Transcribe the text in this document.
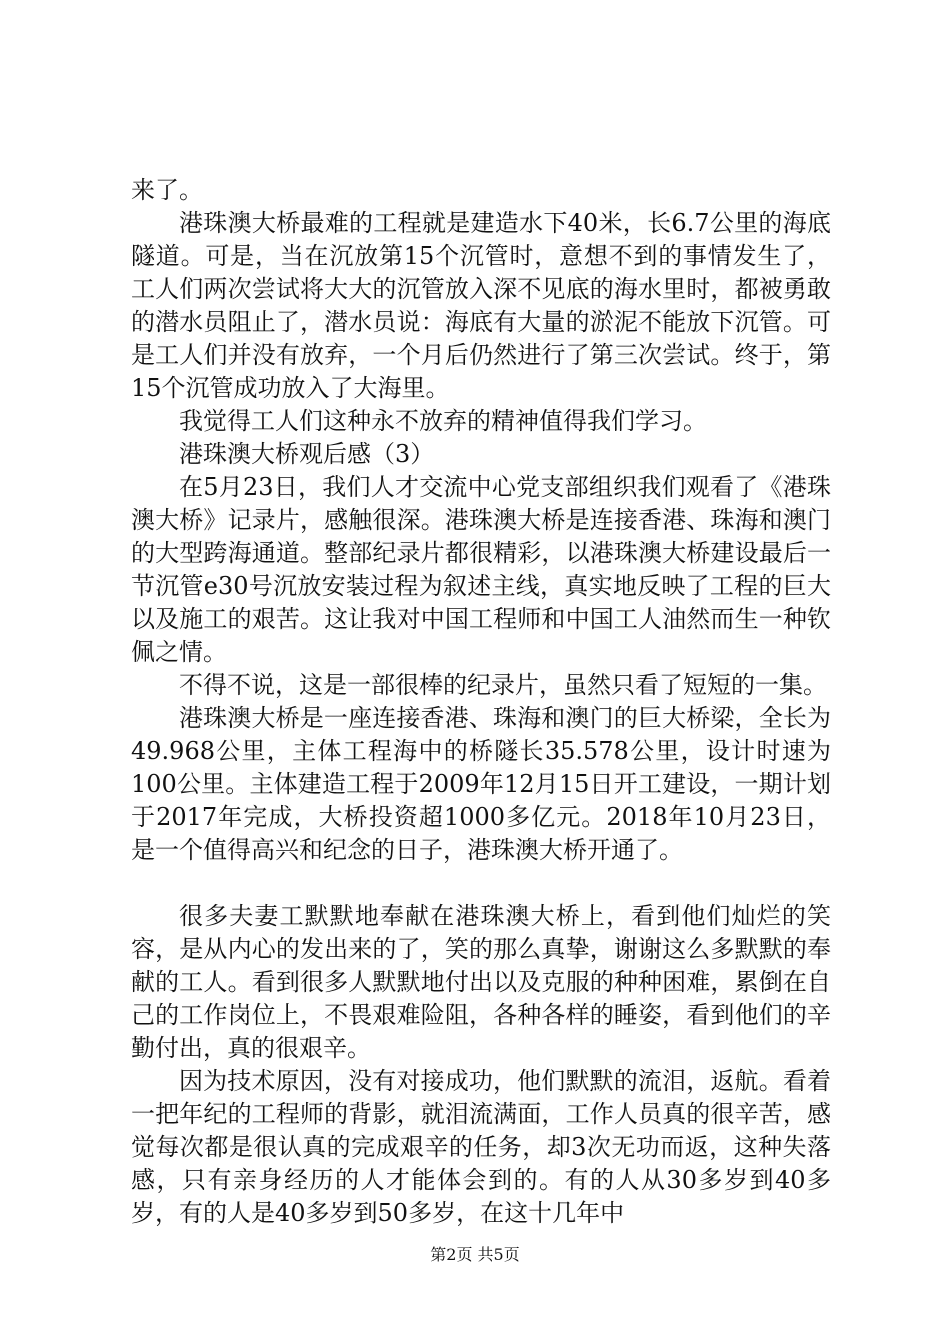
来了。

港珠澳大桥最难的工程就是建造水下40米，长6.7公里的海底隧道。可是，当在沉放第15个沉管时，意想不到的事情发生了，工人们两次尝试将大大的沉管放入深不见底的海水里时，都被勇敢的潜水员阻止了，潜水员说：海底有大量的淤泥不能放下沉管。可是工人们并没有放弃，一个月后仍然进行了第三次尝试。终于，第15个沉管成功放入了大海里。

我觉得工人们这种永不放弃的精神值得我们学习。

港珠澳大桥观后感（3）

在5月23日，我们人才交流中心党支部组织我们观看了《港珠澳大桥》记录片，感触很深。港珠澳大桥是连接香港、珠海和澳门的大型跨海通道。整部纪录片都很精彩，以港珠澳大桥建设最后一节沉管e30号沉放安装过程为叙述主线，真实地反映了工程的巨大以及施工的艰苦。这让我对中国工程师和中国工人油然而生一种钦佩之情。

不得不说，这是一部很棒的纪录片，虽然只看了短短的一集。

港珠澳大桥是一座连接香港、珠海和澳门的巨大桥梁，全长为49.968公里，主体工程海中的桥隧长35.578公里，设计时速为100公里。主体建造工程于2009年12月15日开工建设，一期计划于2017年完成，大桥投资超1000多亿元。2018年10月23日，是一个值得高兴和纪念的日子，港珠澳大桥开通了。

很多夫妻工默默地奉献在港珠澳大桥上，看到他们灿烂的笑容，是从内心的发出来的了，笑的那么真挚，谢谢这么多默默的奉献的工人。看到很多人默默地付出以及克服的种种困难，累倒在自己的工作岗位上，不畏艰难险阻，各种各样的睡姿，看到他们的辛勤付出，真的很艰辛。

因为技术原因，没有对接成功，他们默默的流泪，返航。看着一把年纪的工程师的背影，就泪流满面，工作人员真的很辛苦，感觉每次都是很认真的完成艰辛的任务，却3次无功而返，这种失落感，只有亲身经历的人才能体会到的。有的人从30多岁到40多岁，有的人是40多岁到50多岁，在这十几年中

第2页 共5页
